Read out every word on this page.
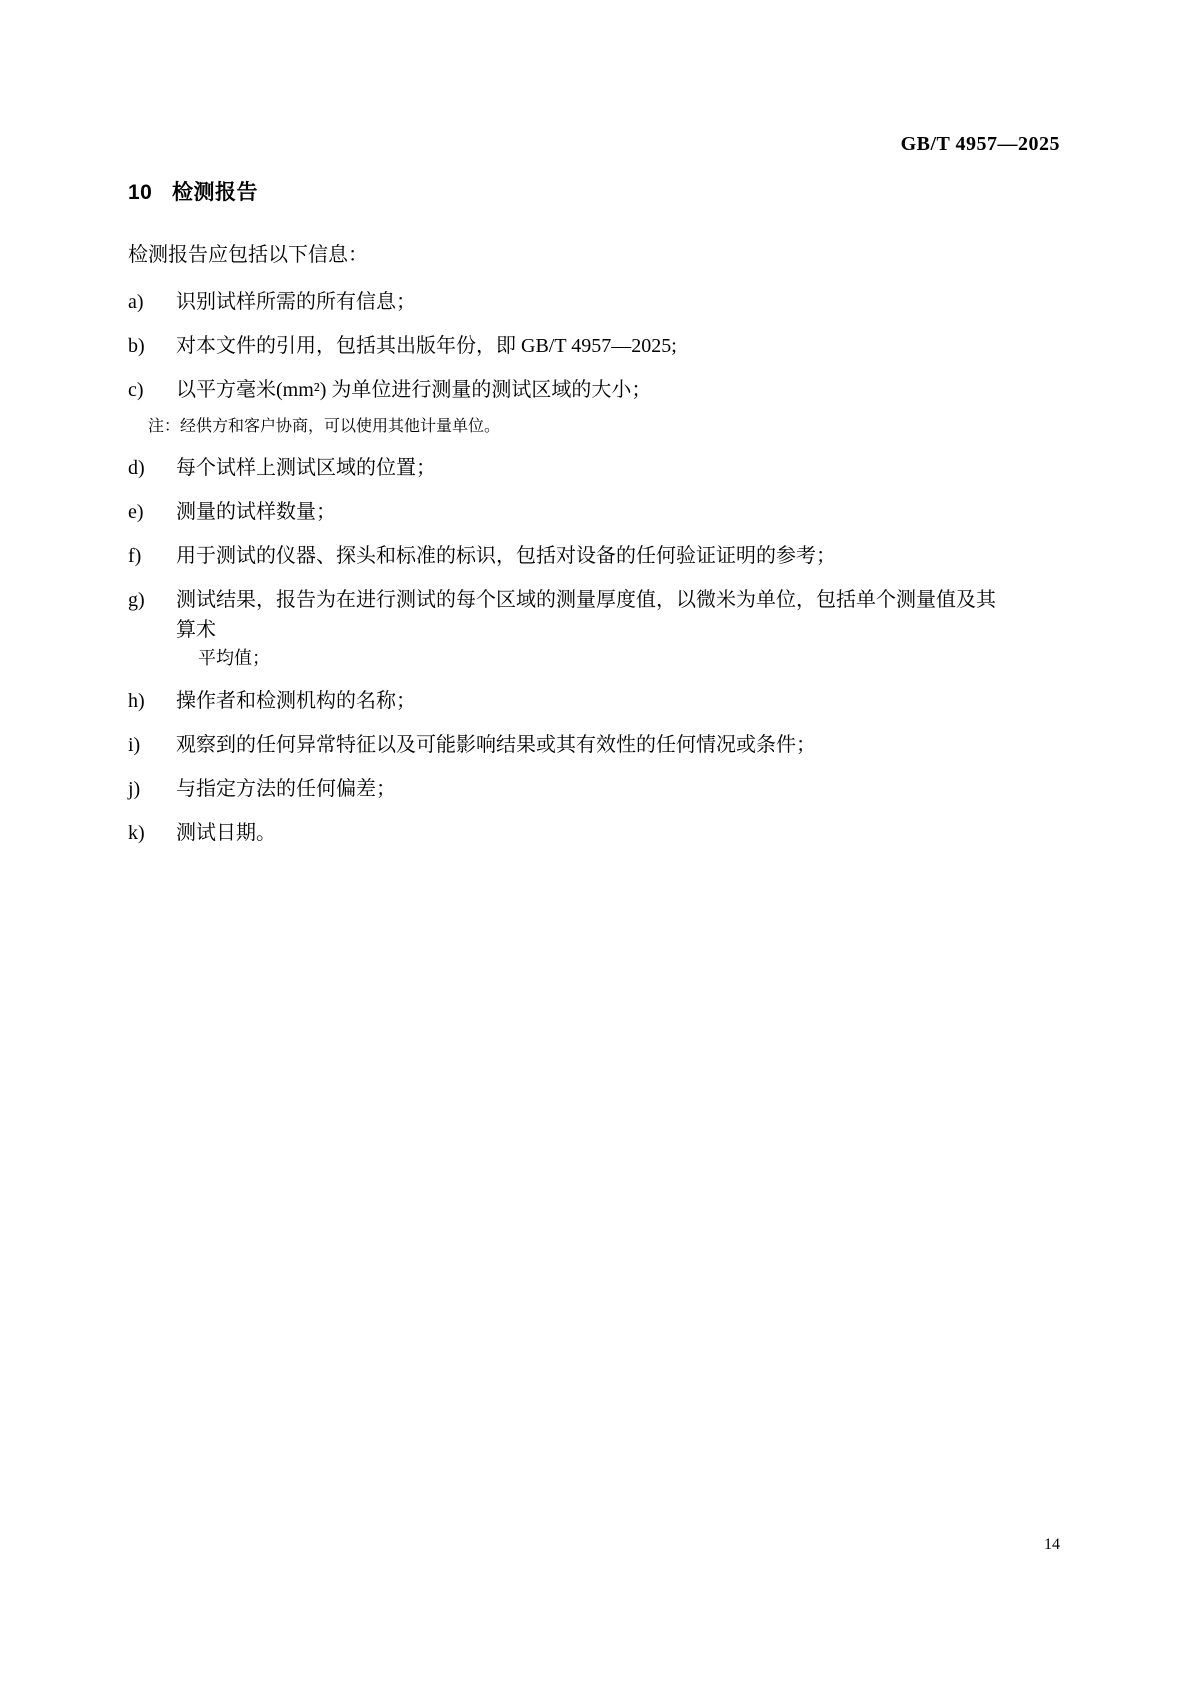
GB/T 4957—2025
10 检测报告

检测报告应包括以下信息：

a) 识别试样所需的所有信息；
b) 对本文件的引用，包括其出版年份，即 GB/T 4957—2025;
c) 以平方毫米(mm²) 为单位进行测量的测试区域的大小；
注：经供方和客户协商，可以使用其他计量单位。
d) 每个试样上测试区域的位置；
e) 测量的试样数量；
f) 用于测试的仪器、探头和标准的标识，包括对设备的任何验证证明的参考；
g) 测试结果，报告为在进行测试的每个区域的测量厚度值，以微米为单位，包括单个测量值及其算术
平均值；
h) 操作者和检测机构的名称；
i) 观察到的任何异常特征以及可能影响结果或其有效性的任何情况或条件；
j) 与指定方法的任何偏差；
k) 测试日期。
14
